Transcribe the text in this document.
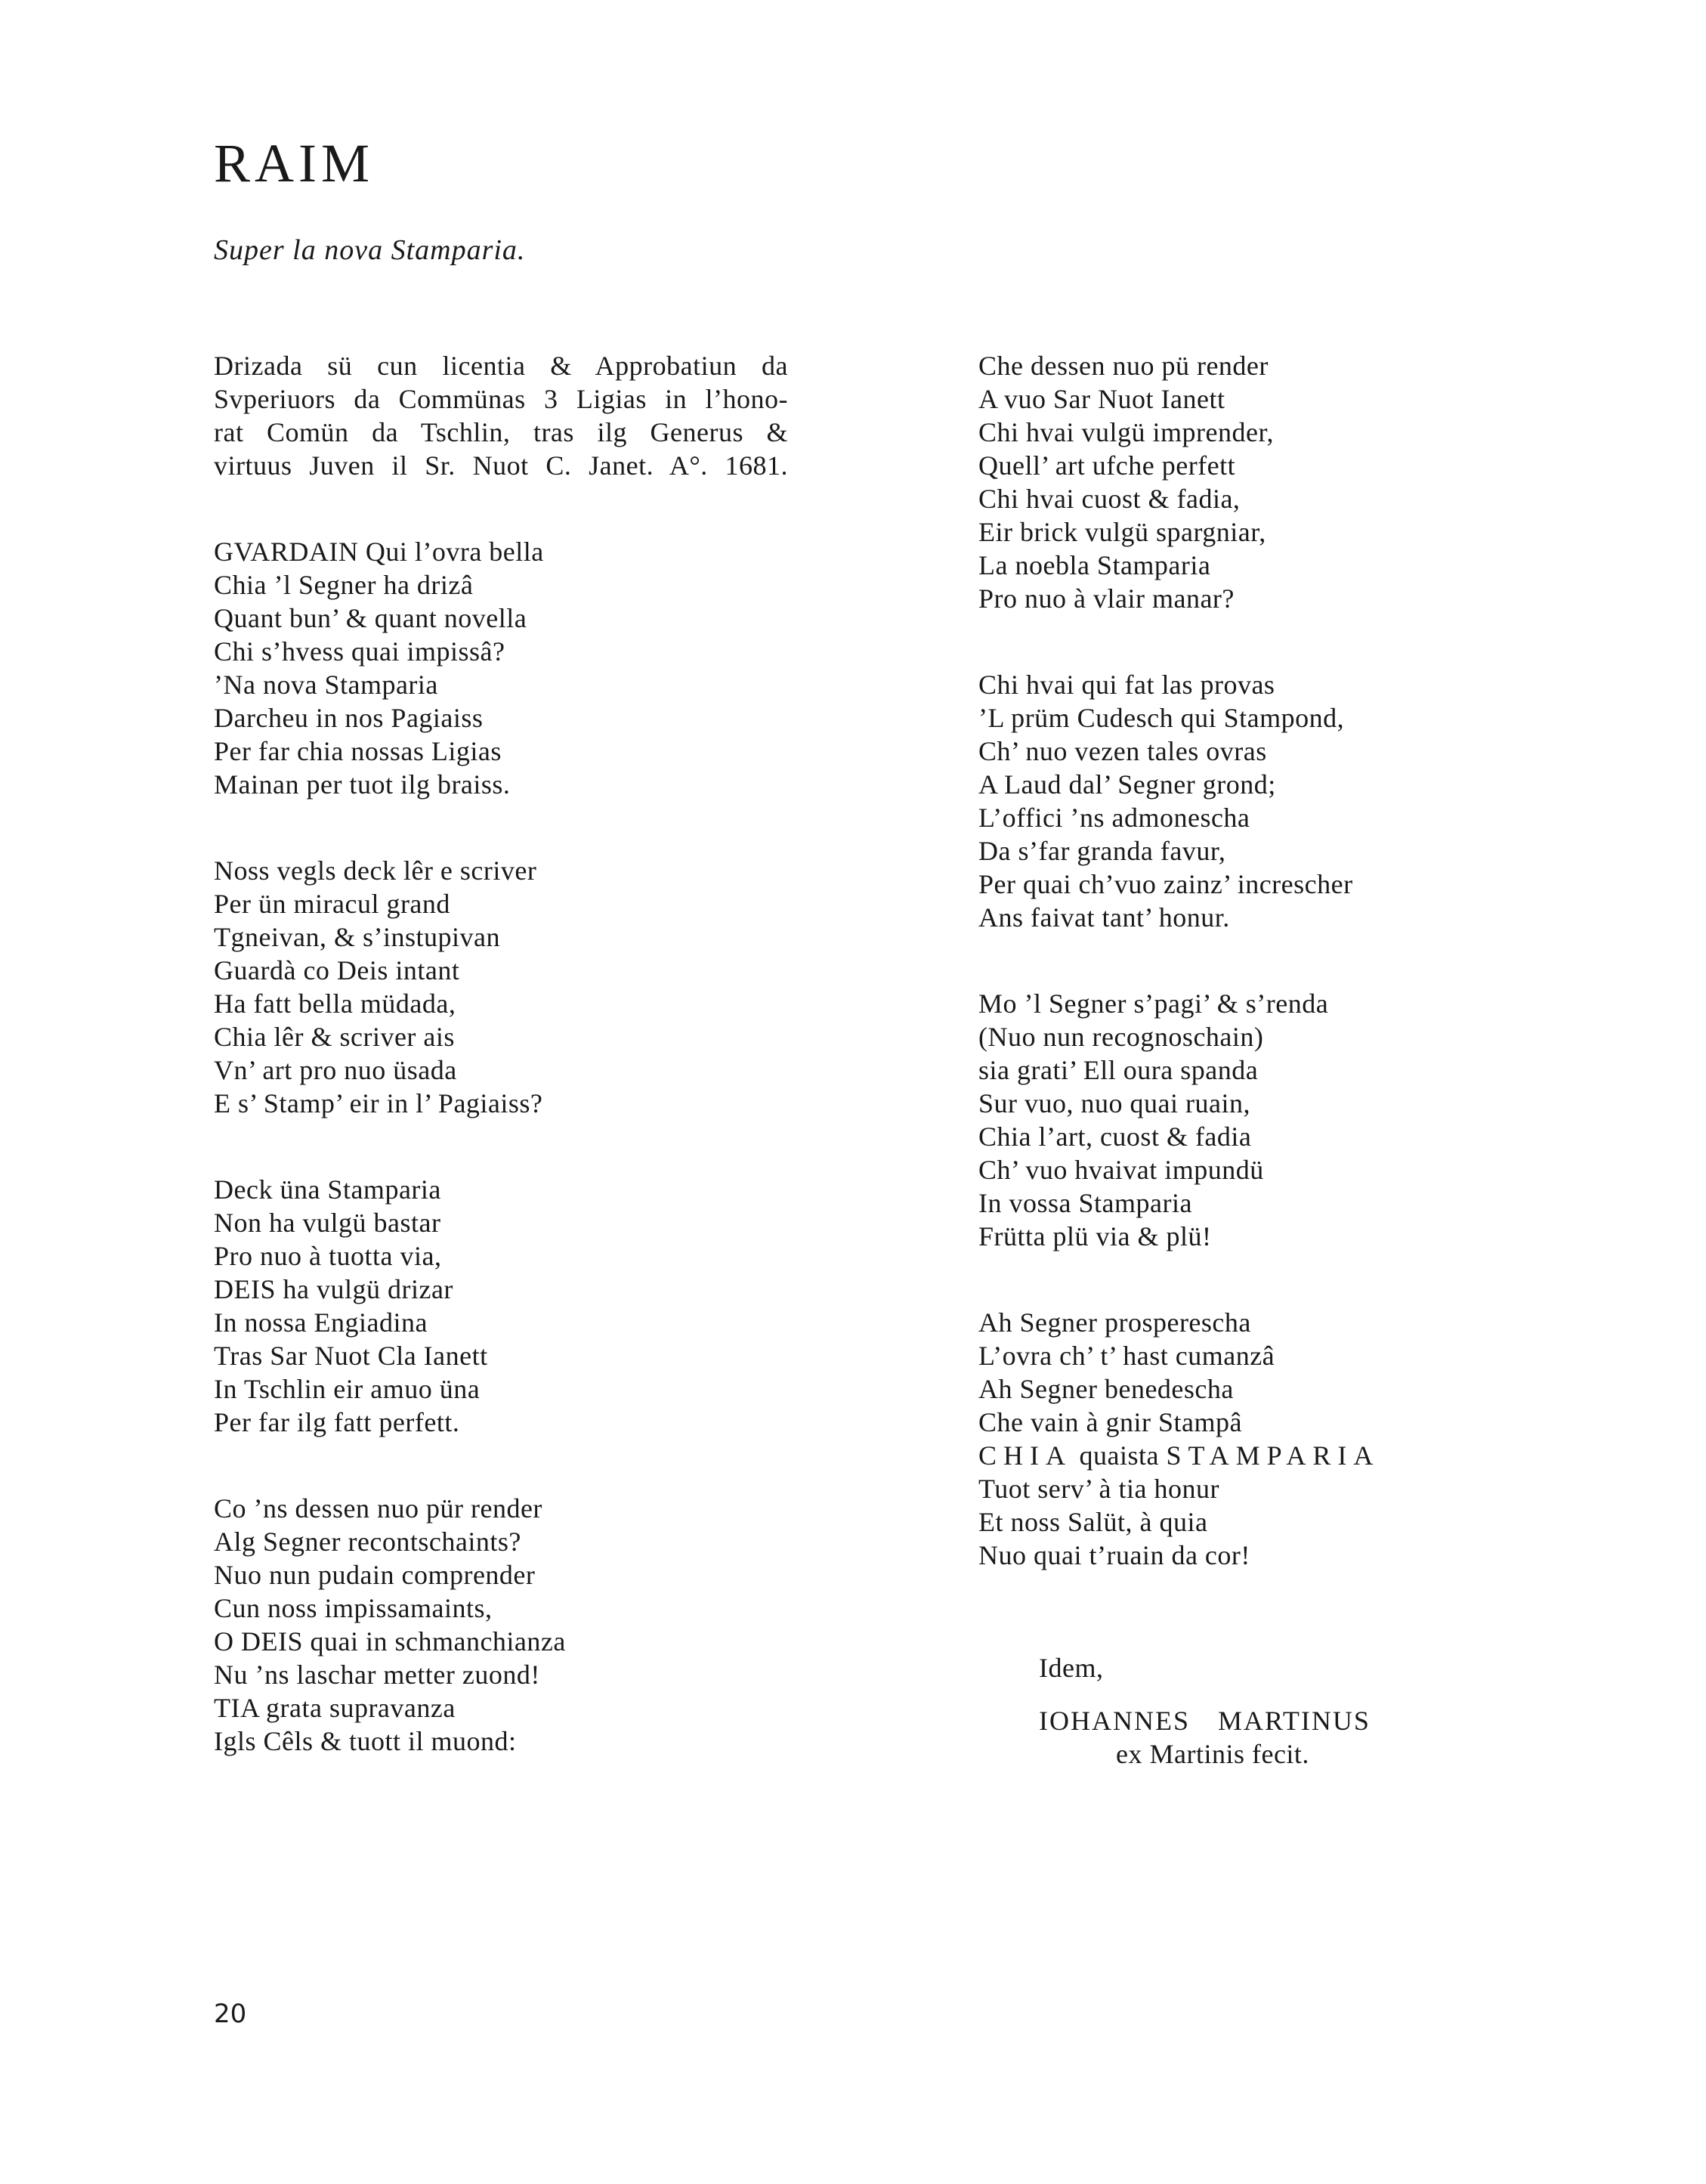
RAIM

Super la nova Stamparia.

Drizada sü cun licentia & Approbatiun da
Svperiuors da Commünas 3 Ligias in l’hono-
rat Comün da Tschlin, tras ilg Generus &
virtuus Juven il Sr. Nuot C. Janet. A°. 1681.
GVARDAIN Qui l’ovra bella
Chia ’l Segner ha drizâ
Quant bun’ & quant novella
Chi s’hvess quai impissâ?
’Na nova Stamparia
Darcheu in nos Pagiaiss
Per far chia nossas Ligias
Mainan per tuot ilg braiss.
Noss vegls deck lêr e scriver
Per ün miracul grand
Tgneivan, & s’instupivan
Guardà co Deis intant
Ha fatt bella müdada,
Chia lêr & scriver ais
Vn’ art pro nuo üsada
E s’ Stamp’ eir in l’ Pagiaiss?
Deck üna Stamparia
Non ha vulgü bastar
Pro nuo à tuotta via,
DEIS ha vulgü drizar
In nossa Engiadina
Tras Sar Nuot Cla Ianett
In Tschlin eir amuo üna
Per far ilg fatt perfett.
Co ’ns dessen nuo pür render
Alg Segner recontschaints?
Nuo nun pudain comprender
Cun noss impissamaints,
O DEIS quai in schmanchianza
Nu ’ns laschar metter zuond!
TIA grata supravanza
Igls Cêls & tuott il muond:
Che dessen nuo pü render
A vuo Sar Nuot Ianett
Chi hvai vulgü imprender,
Quell’ art ufche perfett
Chi hvai cuost & fadia,
Eir brick vulgü spargniar,
La noebla Stamparia
Pro nuo à vlair manar?
Chi hvai qui fat las provas
’L prüm Cudesch qui Stampond,
Ch’ nuo vezen tales ovras
A Laud dal’ Segner grond;
L’offici ’ns admonescha
Da s’far granda favur,
Per quai ch’vuo zainz’ increscher
Ans faivat tant’ honur.
Mo ’l Segner s’pagi’ & s’renda
(Nuo nun recognoschain)
sia grati’ Ell oura spanda
Sur vuo, nuo quai ruain,
Chia l’art, cuost & fadia
Ch’ vuo hvaivat impundü
In vossa Stamparia
Früttа plü via & plü!
Ah Segner prosperescha
L’ovra ch’ t’ hast cumanzâ
Ah Segner benedescha
Che vain à gnir Stampâ
CHIA quaista STAMPARIA
Tuot serv’ à tia honur
Et noss Salüt, à quia
Nuo quai t’ruain da cor!
Idem,
IOHANNES MARTINUS
ex Martinis fecit.
20
